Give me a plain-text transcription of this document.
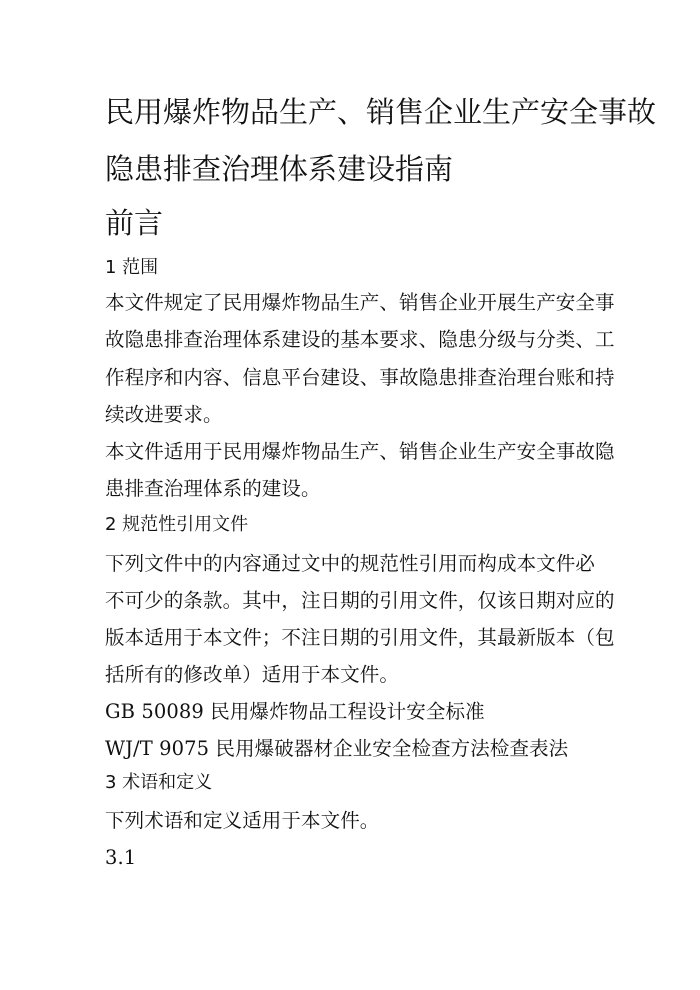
民用爆炸物品生产、销售企业生产安全事故
隐患排查治理体系建设指南
前言
1 范围
本文件规定了民用爆炸物品生产、销售企业开展生产安全事
故隐患排查治理体系建设的基本要求、隐患分级与分类、工
作程序和内容、信息平台建设、事故隐患排查治理台账和持
续改进要求。
本文件适用于民用爆炸物品生产、销售企业生产安全事故隐
患排查治理体系的建设。
2 规范性引用文件
下列文件中的内容通过文中的规范性引用而构成本文件必
不可少的条款。其中，注日期的引用文件，仅该日期对应的
版本适用于本文件；不注日期的引用文件，其最新版本（包
括所有的修改单）适用于本文件。
GB 50089 民用爆炸物品工程设计安全标准
WJ/T 9075 民用爆破器材企业安全检查方法检查表法
3 术语和定义
下列术语和定义适用于本文件。
3.1
